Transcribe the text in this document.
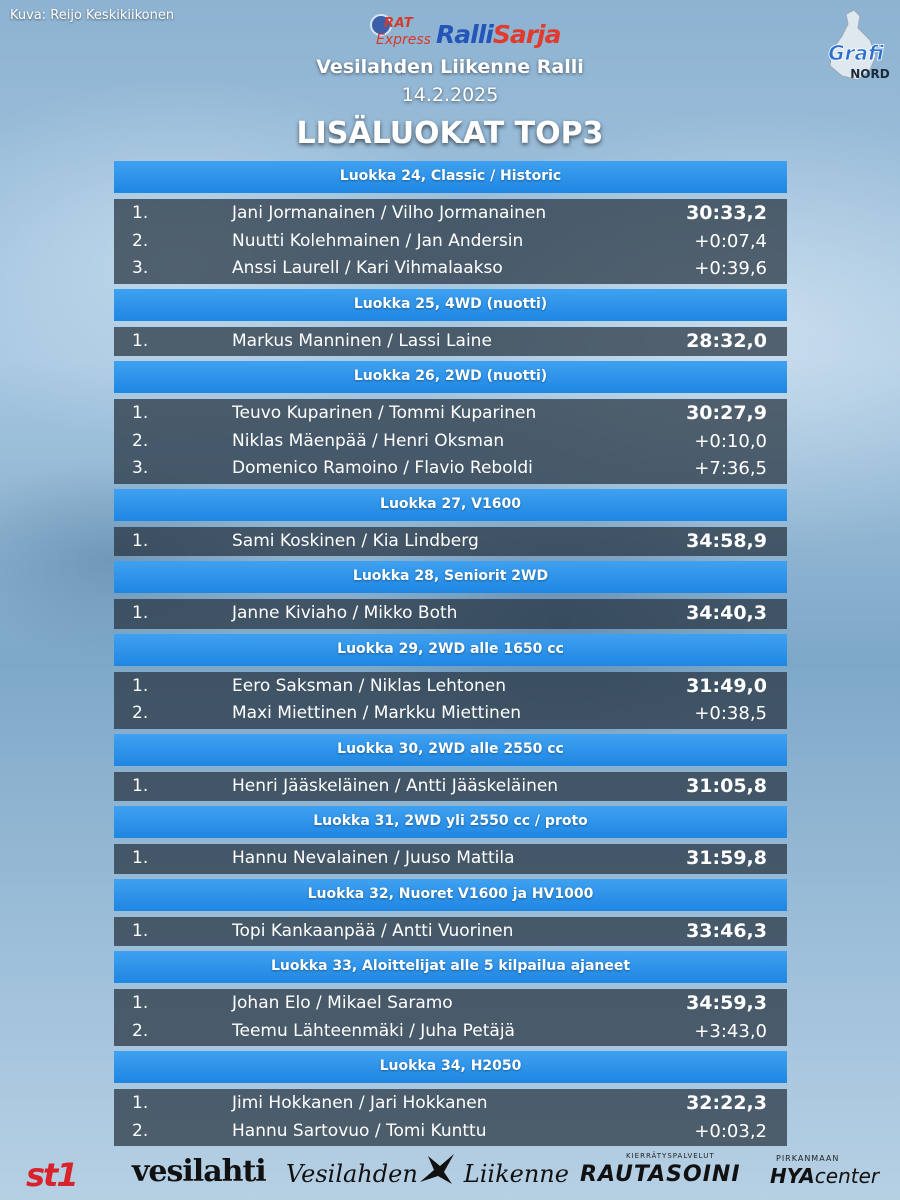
Kuva: Reijo Keskikiikonen
RAT
Express RalliSarja
Grafi
NORD
Vesilahden Liikenne Ralli
14.2.2025
LISÄLUOKAT TOP3
Luokka 24, Classic / Historic
1.	Jani Jormanainen / Vilho Jormanainen	30:33,2
2.	Nuutti Kolehmainen / Jan Andersin	+0:07,4
3.	Anssi Laurell / Kari Vihmalaakso	+0:39,6
Luokka 25, 4WD (nuotti)
1.	Markus Manninen / Lassi Laine	28:32,0
Luokka 26, 2WD (nuotti)
1.	Teuvo Kuparinen / Tommi Kuparinen	30:27,9
2.	Niklas Mäenpää / Henri Oksman	+0:10,0
3.	Domenico Ramoino / Flavio Reboldi	+7:36,5
Luokka 27, V1600
1.	Sami Koskinen / Kia Lindberg	34:58,9
Luokka 28, Seniorit 2WD
1.	Janne Kiviaho / Mikko Both	34:40,3
Luokka 29, 2WD alle 1650 cc
1.	Eero Saksman / Niklas Lehtonen	31:49,0
2.	Maxi Miettinen / Markku Miettinen	+0:38,5
Luokka 30, 2WD alle 2550 cc
1.	Henri Jääskeläinen / Antti Jääskeläinen	31:05,8
Luokka 31, 2WD yli 2550 cc / proto
1.	Hannu Nevalainen / Juuso Mattila	31:59,8
Luokka 32, Nuoret V1600 ja HV1000
1.	Topi Kankaanpää / Antti Vuorinen	33:46,3
Luokka 33, Aloittelijat alle 5 kilpailua ajaneet
1.	Johan Elo / Mikael Saramo	34:59,3
2.	Teemu Lähteenmäki / Juha Petäjä	+3:43,0
Luokka 34, H2050
1.	Jimi Hokkanen / Jari Hokkanen	32:22,3
2.	Hannu Sartovuo / Tomi Kunttu	+0:03,2
st1 vesilahti Vesilahden Liikenne
KIERRÄTYSPALVELUT
RAUTASOINI
PIRKANMAAN
HYAcenter
